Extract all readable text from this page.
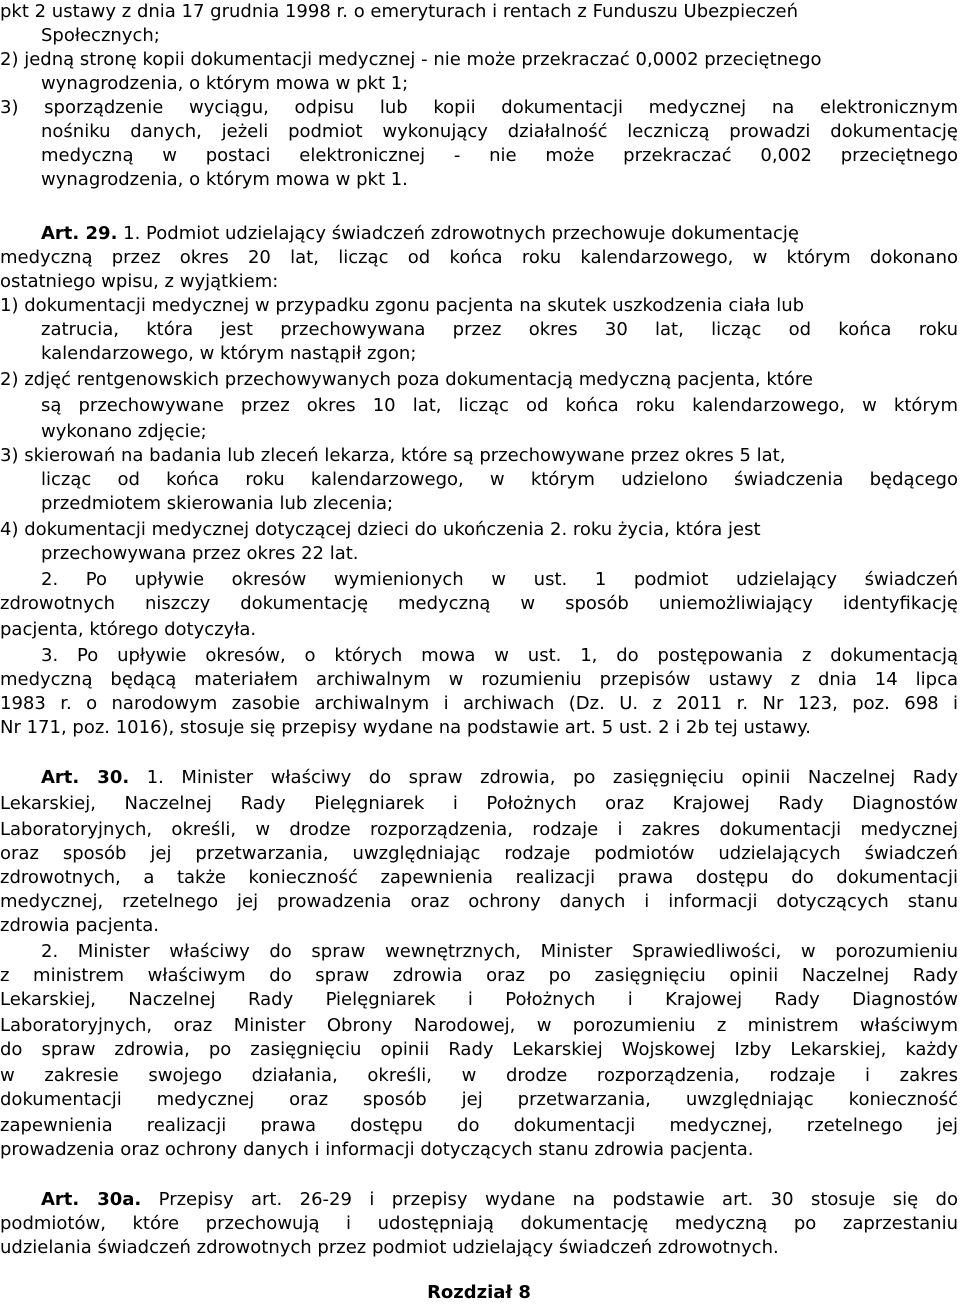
pkt 2 ustawy z dnia 17 grudnia 1998 r. o emeryturach i rentach z Funduszu Ubezpieczeń
Społecznych;
2) jedną stronę kopii dokumentacji medycznej - nie może przekraczać 0,0002 przeciętnego
wynagrodzenia, o którym mowa w pkt 1;
3) sporządzenie wyciągu, odpisu lub kopii dokumentacji medycznej na elektronicznym
nośniku danych, jeżeli podmiot wykonujący działalność leczniczą prowadzi dokumentację
medyczną w postaci elektronicznej - nie może przekraczać 0,002 przeciętnego
wynagrodzenia, o którym mowa w pkt 1.
Art. 29. 1. Podmiot udzielający świadczeń zdrowotnych przechowuje dokumentację
medyczną przez okres 20 lat, licząc od końca roku kalendarzowego, w którym dokonano
ostatniego wpisu, z wyjątkiem:
1) dokumentacji medycznej w przypadku zgonu pacjenta na skutek uszkodzenia ciała lub
zatrucia, która jest przechowywana przez okres 30 lat, licząc od końca roku
kalendarzowego, w którym nastąpił zgon;
2) zdjęć rentgenowskich przechowywanych poza dokumentacją medyczną pacjenta, które
są przechowywane przez okres 10 lat, licząc od końca roku kalendarzowego, w którym
wykonano zdjęcie;
3) skierowań na badania lub zleceń lekarza, które są przechowywane przez okres 5 lat,
licząc od końca roku kalendarzowego, w którym udzielono świadczenia będącego
przedmiotem skierowania lub zlecenia;
4) dokumentacji medycznej dotyczącej dzieci do ukończenia 2. roku życia, która jest
przechowywana przez okres 22 lat.
2. Po upływie okresów wymienionych w ust. 1 podmiot udzielający świadczeń
zdrowotnych niszczy dokumentację medyczną w sposób uniemożliwiający identyfikację
pacjenta, którego dotyczyła.
3. Po upływie okresów, o których mowa w ust. 1, do postępowania z dokumentacją
medyczną będącą materiałem archiwalnym w rozumieniu przepisów ustawy z dnia 14 lipca
1983 r. o narodowym zasobie archiwalnym i archiwach (Dz. U. z 2011 r. Nr 123, poz. 698 i
Nr 171, poz. 1016), stosuje się przepisy wydane na podstawie art. 5 ust. 2 i 2b tej ustawy.
Art. 30. 1. Minister właściwy do spraw zdrowia, po zasięgnięciu opinii Naczelnej Rady
Lekarskiej, Naczelnej Rady Pielęgniarek i Położnych oraz Krajowej Rady Diagnostów
Laboratoryjnych, określi, w drodze rozporządzenia, rodzaje i zakres dokumentacji medycznej
oraz sposób jej przetwarzania, uwzględniając rodzaje podmiotów udzielających świadczeń
zdrowotnych, a także konieczność zapewnienia realizacji prawa dostępu do dokumentacji
medycznej, rzetelnego jej prowadzenia oraz ochrony danych i informacji dotyczących stanu
zdrowia pacjenta.
2. Minister właściwy do spraw wewnętrznych, Minister Sprawiedliwości, w porozumieniu
z ministrem właściwym do spraw zdrowia oraz po zasięgnięciu opinii Naczelnej Rady
Lekarskiej, Naczelnej Rady Pielęgniarek i Położnych i Krajowej Rady Diagnostów
Laboratoryjnych, oraz Minister Obrony Narodowej, w porozumieniu z ministrem właściwym
do spraw zdrowia, po zasięgnięciu opinii Rady Lekarskiej Wojskowej Izby Lekarskiej, każdy
w zakresie swojego działania, określi, w drodze rozporządzenia, rodzaje i zakres
dokumentacji medycznej oraz sposób jej przetwarzania, uwzględniając konieczność
zapewnienia realizacji prawa dostępu do dokumentacji medycznej, rzetelnego jej
prowadzenia oraz ochrony danych i informacji dotyczących stanu zdrowia pacjenta.
Art. 30a. Przepisy art. 26-29 i przepisy wydane na podstawie art. 30 stosuje się do
podmiotów, które przechowują i udostępniają dokumentację medyczną po zaprzestaniu
udzielania świadczeń zdrowotnych przez podmiot udzielający świadczeń zdrowotnych.
Rozdział 8
